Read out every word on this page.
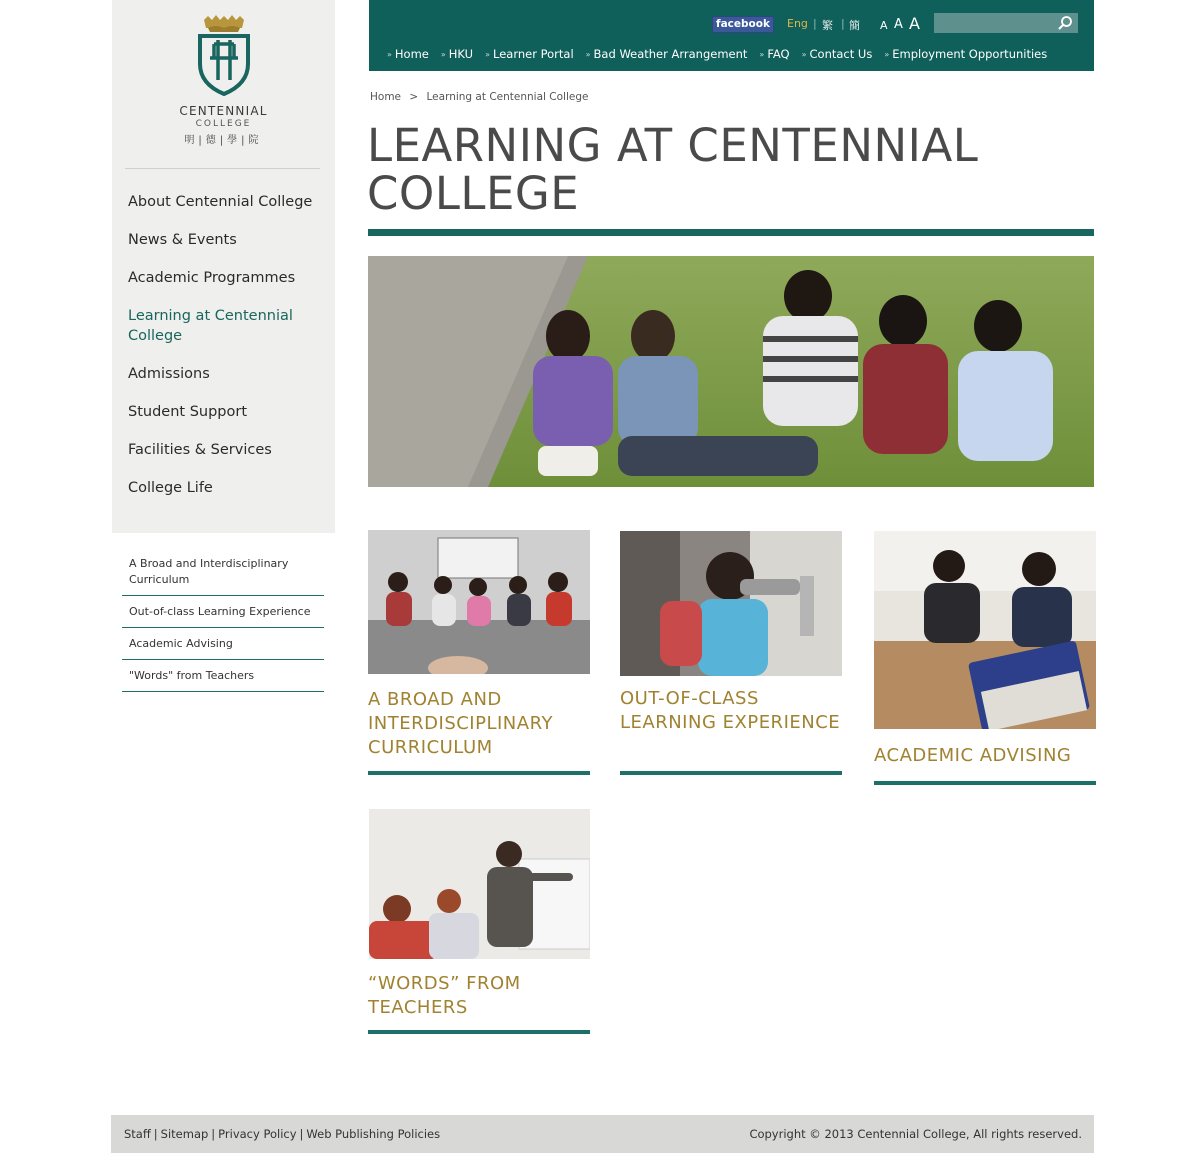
CENTENNIAL
COLLEGE
明|德|學|院
About Centennial College
News & Events
Academic Programmes
Learning at Centennial College
Admissions
Student Support
Facilities & Services
College Life
A Broad and Interdisciplinary Curriculum
Out-of-class Learning Experience
Academic Advising
"Words" from Teachers
facebook	Eng | 繁 | 簡 A A A
» Home » HKU » Learner Portal » Bad Weather Arrangement » FAQ » Contact Us » Employment Opportunities
Home > Learning at Centennial College
LEARNING AT CENTENNIAL COLLEGE
A BROAD AND INTERDISCIPLINARY CURRICULUM
OUT-OF-CLASS LEARNING EXPERIENCE
ACADEMIC ADVISING
“WORDS” FROM TEACHERS
Staff | Sitemap | Privacy Policy | Web Publishing Policies	Copyright © 2013 Centennial College, All rights reserved.
